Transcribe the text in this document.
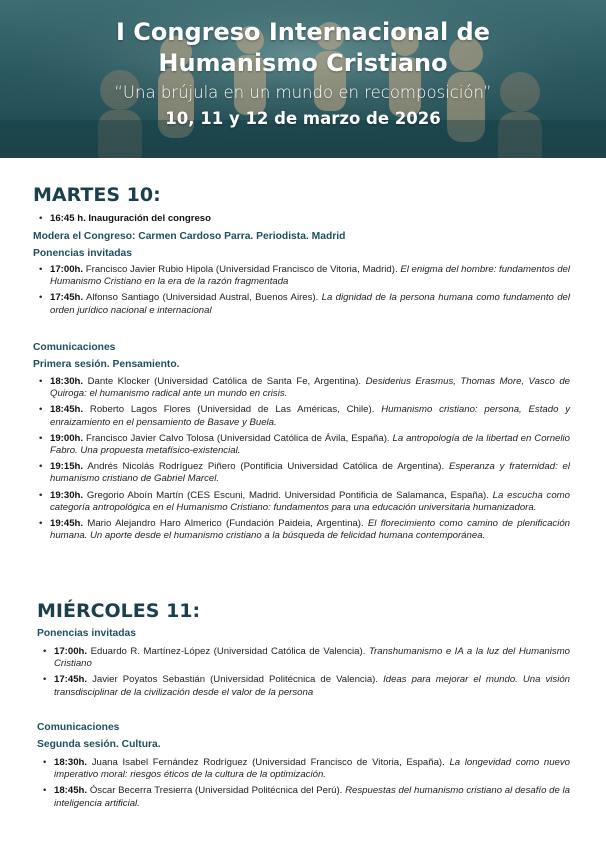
I Congreso Internacional de
Humanismo Cristiano
“Una brújula en un mundo en recomposición”
10, 11 y 12 de marzo de 2026
MARTES 10:
• 16:45 h. Inauguración del congreso

Modera el Congreso: Carmen Cardoso Parra. Periodista. Madrid

Ponencias invitadas

• 17:00h. Francisco Javier Rubio Hipola (Universidad Francisco de Vitoria, Madrid). El enigma del hombre: fundamentos del Humanismo Cristiano en la era de la razón fragmentada
• 17:45h. Alfonso Santiago (Universidad Austral, Buenos Aires). La dignidad de la persona humana como fundamento del orden jurídico nacional e internacional

Comunicaciones

Primera sesión. Pensamiento.

• 18:30h. Dante Klocker (Universidad Católica de Santa Fe, Argentina). Desiderius Erasmus, Thomas More, Vasco de Quiroga: el humanismo radical ante un mundo en crisis.
• 18:45h. Roberto Lagos Flores (Universidad de Las Américas, Chile). Humanismo cristiano: persona, Estado y enraizamiento en el pensamiento de Basave y Buela.
• 19:00h. Francisco Javier Calvo Tolosa (Universidad Católica de Ávila, España). La antropología de la libertad en Cornelio Fabro. Una propuesta metafísico-existencial.
• 19:15h. Andrés Nicolás Rodríguez Piñero (Pontificia Universidad Católica de Argentina). Esperanza y fraternidad: el humanismo cristiano de Gabriel Marcel.
• 19:30h. Gregorio Aboín Martín (CES Escuni, Madrid. Universidad Pontificia de Salamanca, España). La escucha como categoría antropológica en el Humanismo Cristiano: fundamentos para una educación universitaria humanizadora.
• 19:45h. Mario Alejandro Haro Almerico (Fundación Paideia, Argentina). El florecimiento como camino de plenificación humana. Un aporte desde el humanismo cristiano a la búsqueda de felicidad humana contemporánea.
MIÉRCOLES 11:

Ponencias invitadas

• 17:00h. Eduardo R. Martínez-López (Universidad Católica de Valencia). Transhumanismo e IA a la luz del Humanismo Cristiano
• 17:45h. Javier Poyatos Sebastián (Universidad Politécnica de Valencia). Ideas para mejorar el mundo. Una visión transdisciplinar de la civilización desde el valor de la persona

Comunicaciones

Segunda sesión. Cultura.

• 18:30h. Juana Isabel Fernández Rodríguez (Universidad Francisco de Vitoria, España). La longevidad como nuevo imperativo moral: riesgos éticos de la cultura de la optimización.
• 18:45h. Óscar Becerra Tresierra (Universidad Politécnica del Perú). Respuestas del humanismo cristiano al desafío de la inteligencia artificial.
